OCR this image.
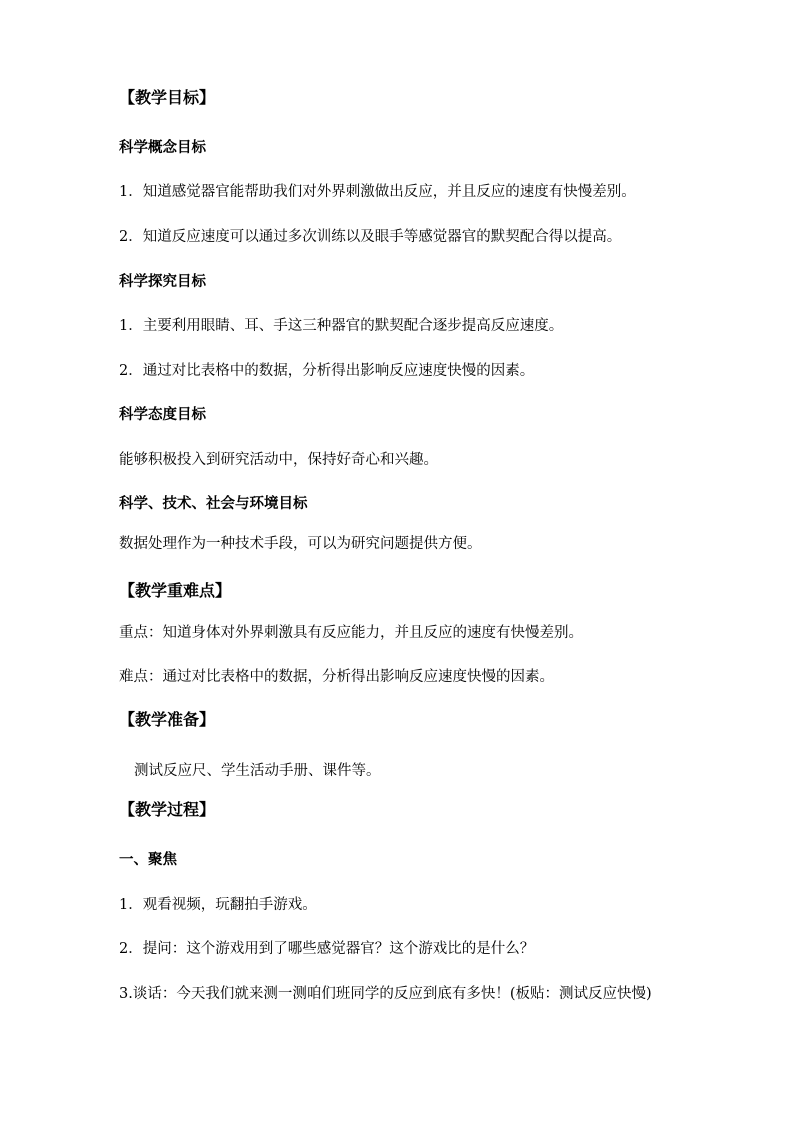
【教学目标】
科学概念目标
1．知道感觉器官能帮助我们对外界刺激做出反应，并且反应的速度有快慢差别。
2．知道反应速度可以通过多次训练以及眼手等感觉器官的默契配合得以提高。
科学探究目标
1．主要利用眼睛、耳、手这三种器官的默契配合逐步提高反应速度。
2．通过对比表格中的数据，分析得出影响反应速度快慢的因素。
科学态度目标
能够积极投入到研究活动中，保持好奇心和兴趣。
科学、技术、社会与环境目标
数据处理作为一种技术手段，可以为研究问题提供方便。
【教学重难点】
重点：知道身体对外界刺激具有反应能力，并且反应的速度有快慢差别。
难点：通过对比表格中的数据，分析得出影响反应速度快慢的因素。
【教学准备】
测试反应尺、学生活动手册、课件等。
【教学过程】
一、聚焦
1．观看视频，玩翻拍手游戏。
2．提问：这个游戏用到了哪些感觉器官？这个游戏比的是什么？
3.谈话：今天我们就来测一测咱们班同学的反应到底有多快！(板贴：测试反应快慢)
